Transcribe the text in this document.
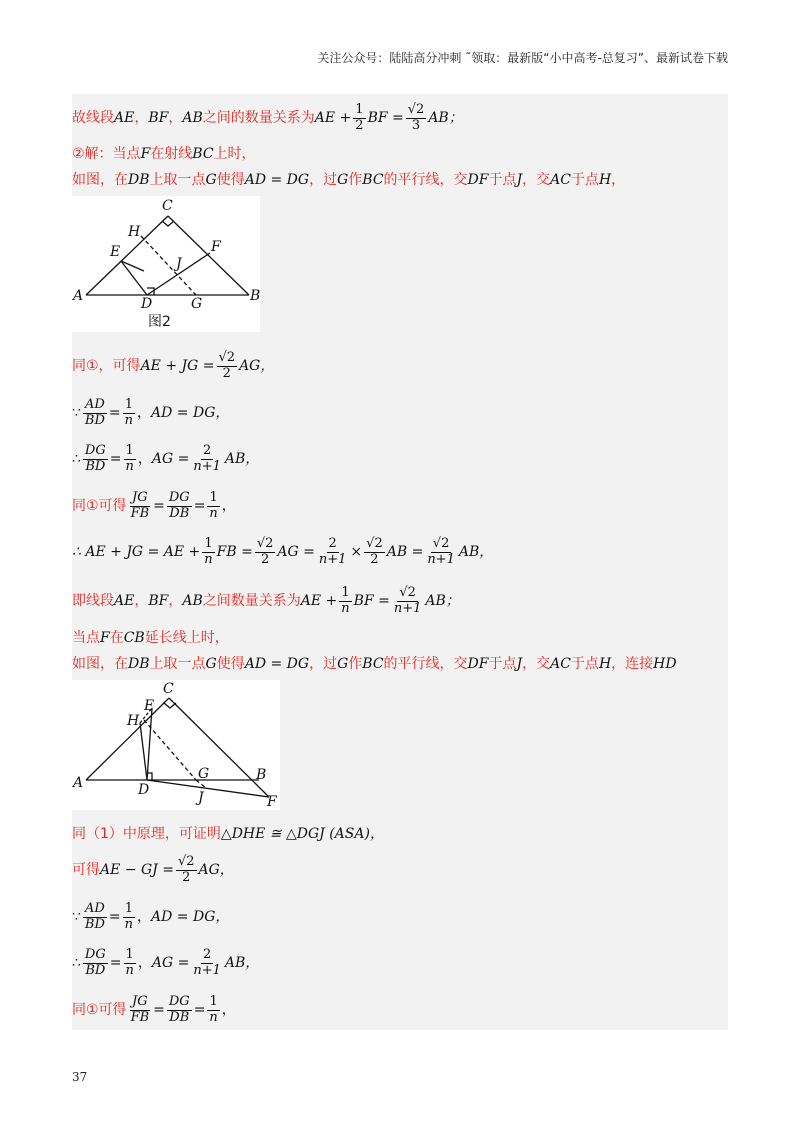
关注公众号：陆陆高分冲刺 ˜领取：最新版“小中高考-总复习”、最新试卷下载
故线段 AE ， BF ， AB 之间的数量关系为 AE + $\frac{1}{2}$ BF = $\frac{√2}{3}$ AB；
②解：当点 F 在射线 BC 上时，
如图，在 DB 上取一点 G 使得 AD = DG ，过 G 作 BC 的平行线，交 DF 于点 J ，交 AC 于点 H ，
A	B
C
D
E	F
G
H
J
图2
同①，可得 AE + JG = $\frac{√2}{2}$ AG，
∵ $\frac{AD}{BD} = \frac{1}{n}$ ， AD = DG，
∴ $\frac{DG}{BD} = \frac{1}{n}$ ， AG = $\frac{2}{n+1}$ AB，
同①可得 $\frac{JG}{FB} = \frac{DG}{DB} = \frac{1}{n}$ ，
∴ AE + JG = AE + $\frac{1}{n}$ FB = $\frac{√2}{2}$ AG = $\frac{2}{n+1} \times \frac{√2}{2}$ AB = $\frac{√2}{n+1}$ AB，
即线段 AE ， BF ， AB 之间数量关系为 AE + $\frac{1}{n}$ BF = $\frac{√2}{n+1}$ AB；
当点 F 在 CB 延长线上时，
如图，在 DB 上取一点 G 使得 AD = DG ，过 G 作 BC 的平行线，交 DF 于点 J ，交 AC 于点 H ，连接 HD
A	B
C
D
E
F
G
H
J
同（1）中原理，可证明 △DHE ≅ △DGJ (ASA)，
可得 AE − GJ = $\frac{√2}{2}$ AG，
∵ $\frac{AD}{BD} = \frac{1}{n}$ ， AD = DG，
∴ $\frac{DG}{BD} = \frac{1}{n}$ ， AG = $\frac{2}{n+1}$ AB，
同①可得 $\frac{JG}{FB} = \frac{DG}{DB} = \frac{1}{n}$ ，
37
